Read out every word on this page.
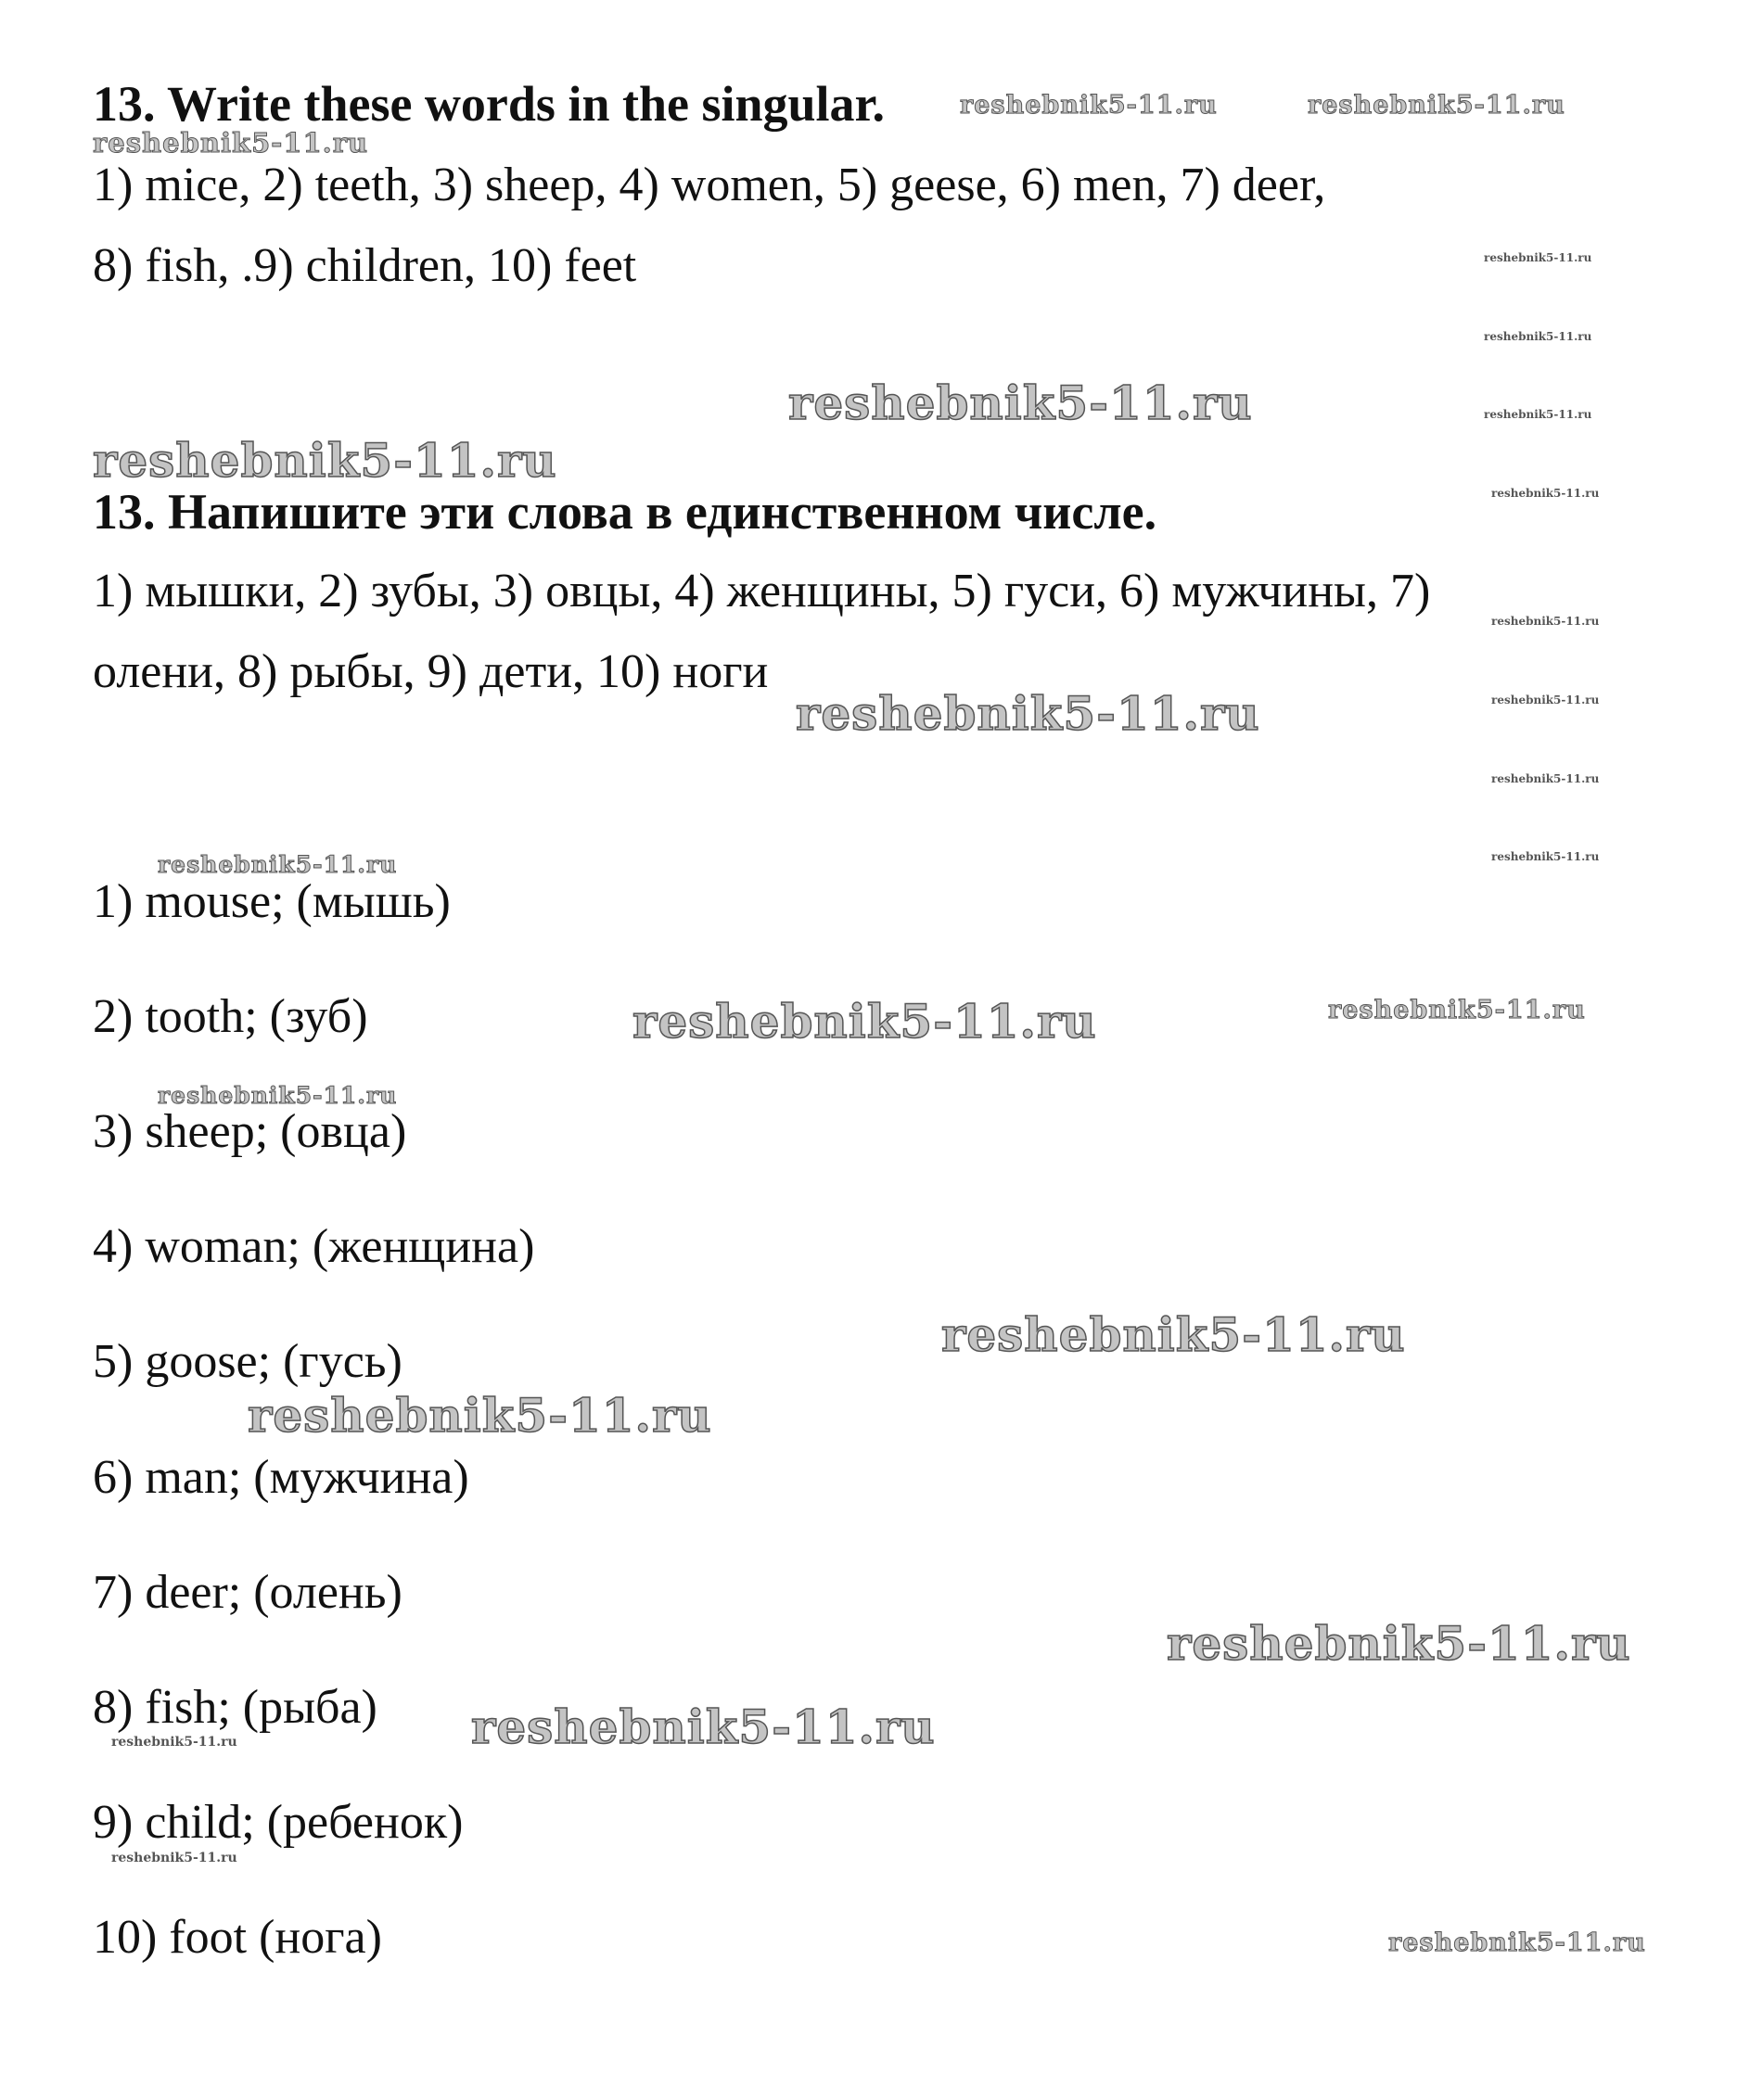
13. Write these words in the singular.
1) mice, 2) teeth, 3) sheep, 4) women, 5) geese, 6) men, 7) deer,
8) fish, .9) children, 10) feet
13. Напишите эти слова в единственном числе.
1) мышки, 2) зубы, 3) овцы, 4) женщины, 5) гуси, 6) мужчины, 7)
олени, 8) рыбы, 9) дети, 10) ноги
1) mouse; (мышь)
2) tooth; (зуб)
3) sheep; (овца)
4) woman; (женщина)
5) goose; (гусь)
6) man; (мужчина)
7) deer; (олень)
8) fish; (рыба)
9) child; (ребенок)
10) foot (нога)
reshebnik5-11.ru
reshebnik5-11.ru	reshebnik5-11.ru
reshebnik5-11.ru
reshebnik5-11.ru
reshebnik5-11.ru
reshebnik5-11.ru
reshebnik5-11.ru
reshebnik5-11.ru
reshebnik5-11.ru
reshebnik5-11.ru
reshebnik5-11.ru
reshebnik5-11.ru
reshebnik5-11.ru
reshebnik5-11.ru
reshebnik5-11.ru	reshebnik5-11.ru
reshebnik5-11.ru
reshebnik5-11.ru
reshebnik5-11.ru
reshebnik5-11.ru
reshebnik5-11.ru
reshebnik5-11.ru
reshebnik5-11.ru
reshebnik5-11.ru
